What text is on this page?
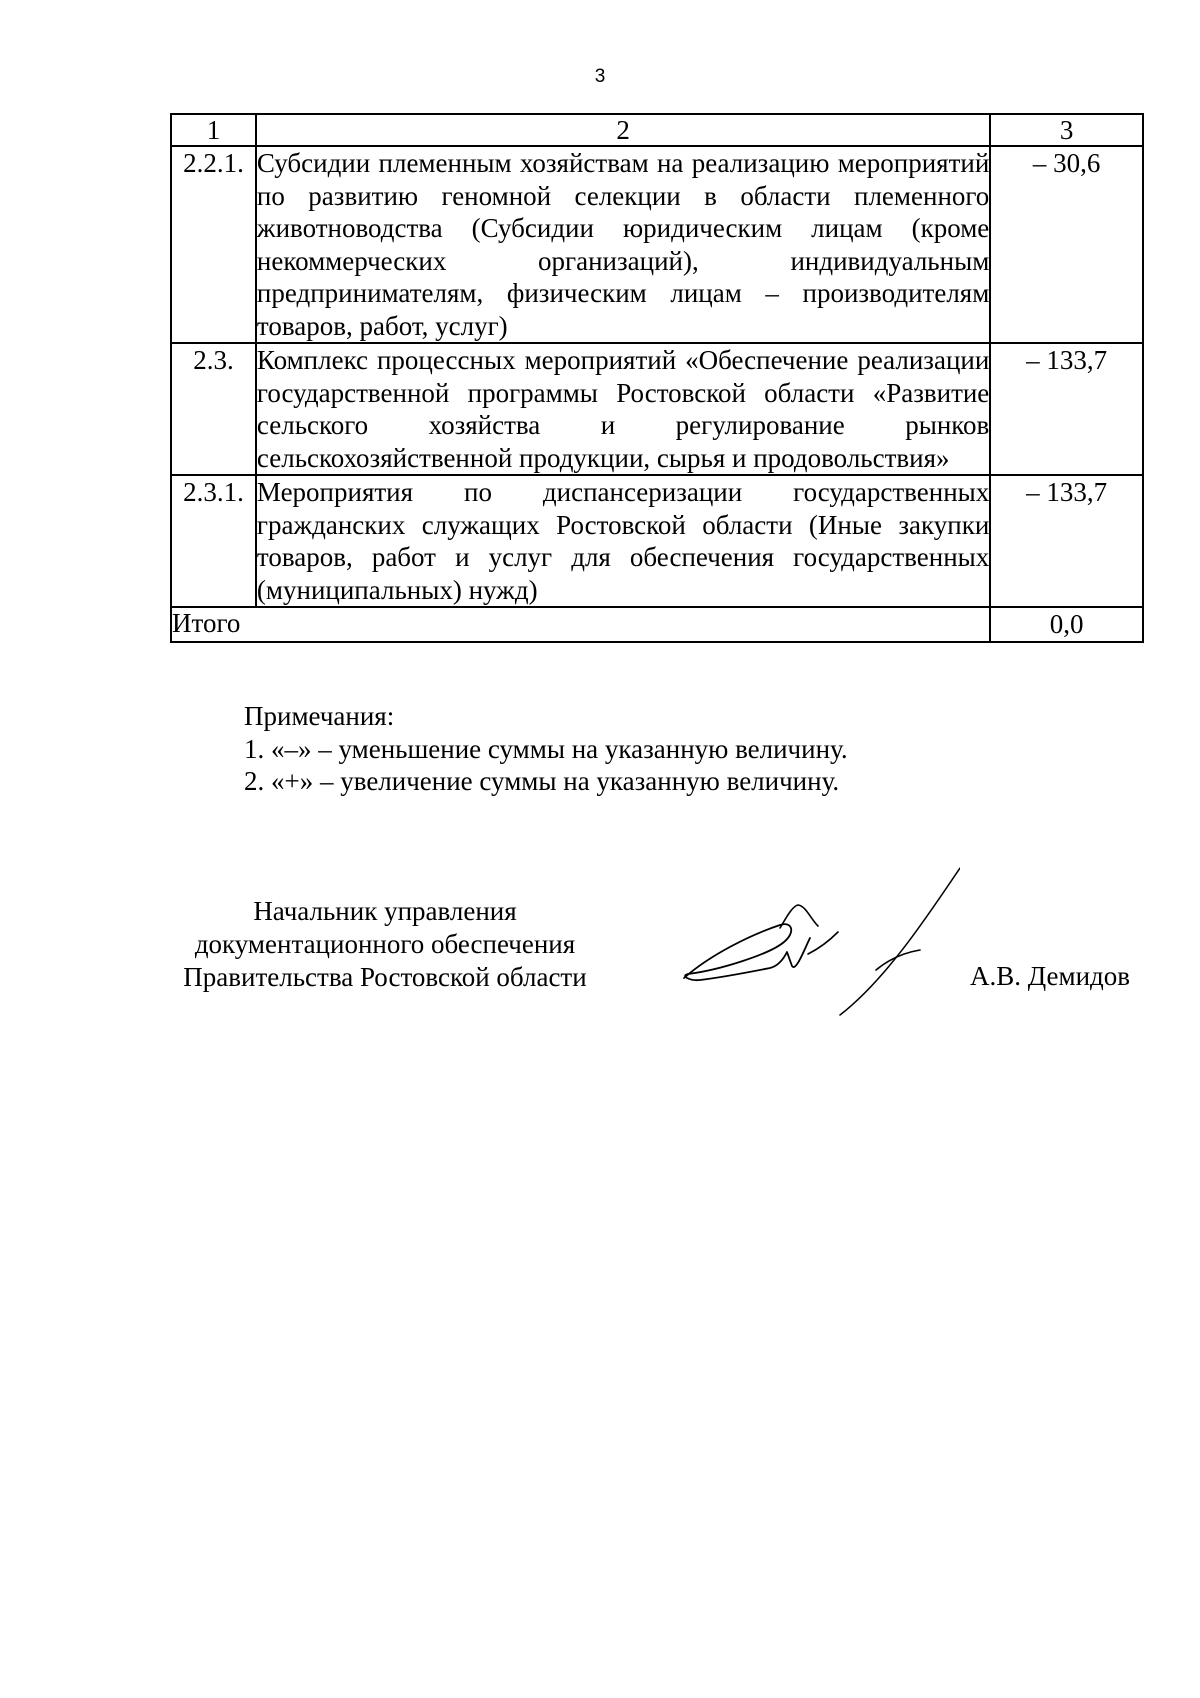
3
1	2	3
2.2.1.	Субсидии племенным хозяйствам на реализацию мероприятий по развитию геномной селекции в области племенного животноводства (Субсидии юридическим лицам (кроме некоммерческих организаций), индивидуальным предпринимателям, физическим лицам – производителям товаров, работ, услуг)	– 30,6
2.3.	Комплекс процессных мероприятий «Обеспечение реализации государственной программы Ростовской области «Развитие сельского хозяйства и регулирование рынков сельскохозяйственной продукции, сырья и продовольствия»	– 133,7
2.3.1.	Мероприятия по диспансеризации государственных гражданских служащих Ростовской области (Иные закупки товаров, работ и услуг для обеспечения государственных (муниципальных) нужд)	– 133,7
Итого		0,0
Примечания:
1. «–» – уменьшение суммы на указанную величину.
2. «+» – увеличение суммы на указанную величину.
Начальник управления
документационного обеспечения
Правительства Ростовской области	А.В. Демидов
